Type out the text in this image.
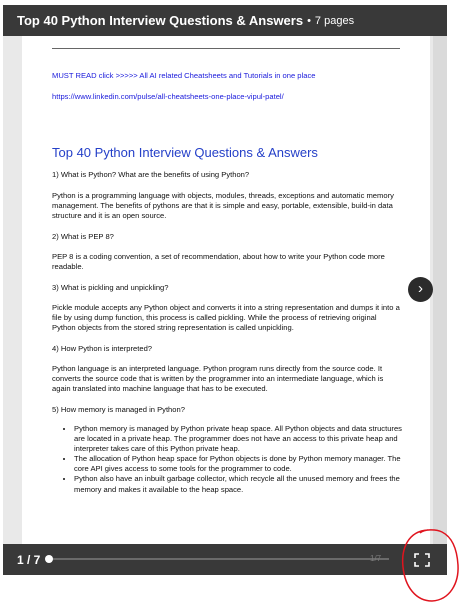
Top 40 Python Interview Questions & Answers • 7 pages
MUST READ click >>>>> All AI related Cheatsheets and Tutorials in one place
https://www.linkedin.com/pulse/all-cheatsheets-one-place-vipul-patel/
Top 40 Python Interview Questions & Answers
1) What is Python? What are the benefits of using Python?
Python is a programming language with objects, modules, threads, exceptions and automatic memory management. The benefits of pythons are that it is simple and easy, portable, extensible, build-in data structure and it is an open source.
2) What is PEP 8?
PEP 8 is a coding convention, a set of recommendation, about how to write your Python code more readable.
3) What is pickling and unpickling?
Pickle module accepts any Python object and converts it into a string representation and dumps it into a file by using dump function, this process is called pickling. While the process of retrieving original Python objects from the stored string representation is called unpickling.
4) How Python is interpreted?
Python language is an interpreted language. Python program runs directly from the source code. It converts the source code that is written by the programmer into an intermediate language, which is again translated into machine language that has to be executed.
5) How memory is managed in Python?
• Python memory is managed by Python private heap space. All Python objects and data structures are located in a private heap. The programmer does not have an access to this private heap and interpreter takes care of this Python private heap.
• The allocation of Python heap space for Python objects is done by Python memory manager. The core API gives access to some tools for the programmer to code.
• Python also have an inbuilt garbage collector, which recycle all the unused memory and frees the memory and makes it available to the heap space.
›
1 / 7	1/7
